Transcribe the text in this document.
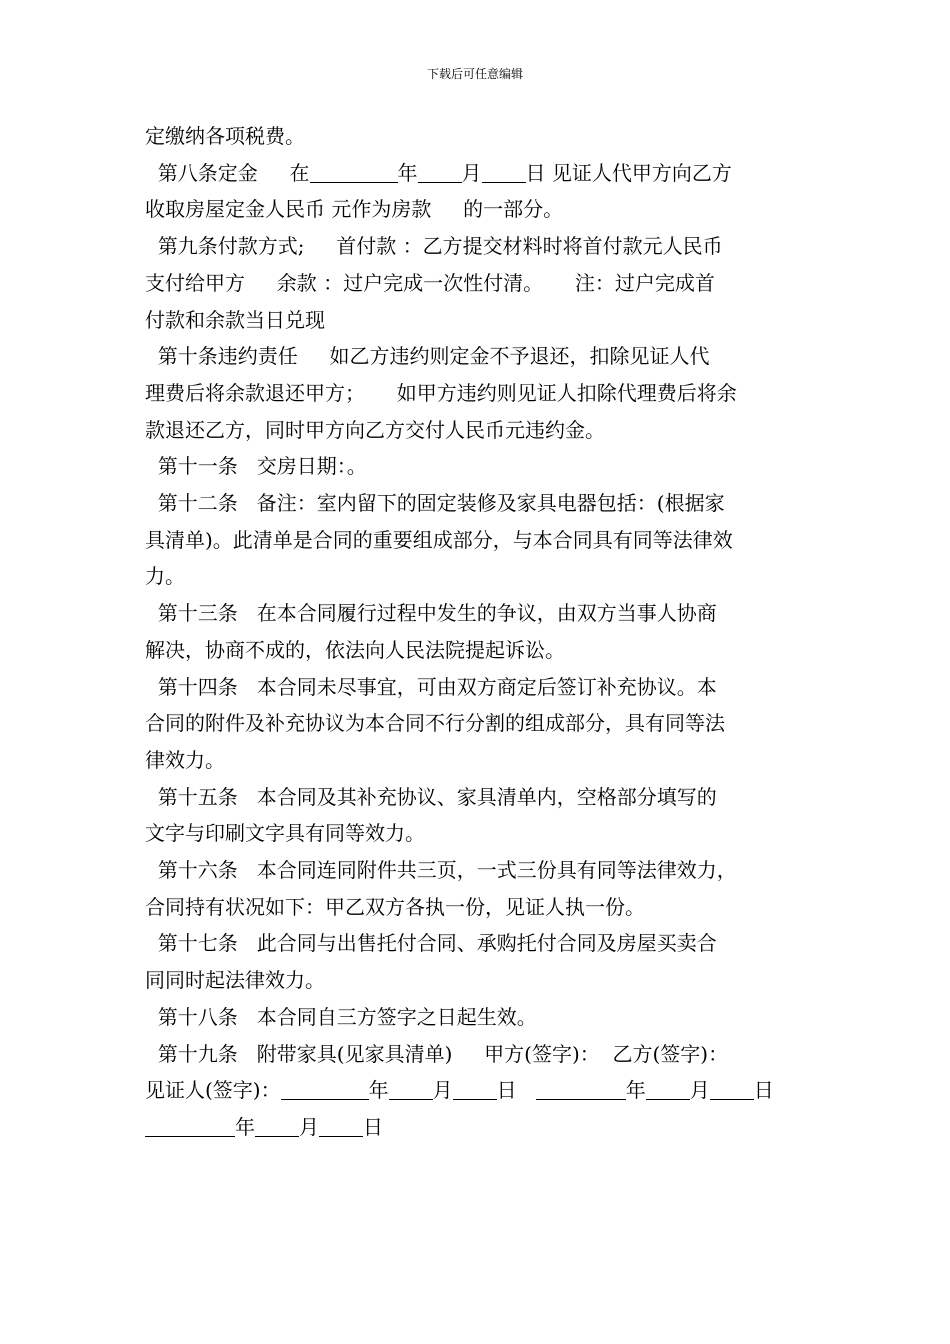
下载后可任意编辑
定缴纳各项税费。
第八条定金     在	年 月 日 见证人代甲方向乙方
收取房屋定金人民币 元作为房款     的一部分。
第九条付款方式;     首付款 ：乙方提交材料时将首付款元人民币
支付给甲方     余款 ：过户完成一次性付清。     注：过户完成首
付款和余款当日兑现
第十条违约责任     如乙方违约则定金不予退还，扣除见证人代
理费后将余款退还甲方；     如甲方违约则见证人扣除代理费后将余
款退还乙方，同时甲方向乙方交付人民币元违约金。
第十一条   交房日期：。
第十二条   备注：室内留下的固定装修及家具电器包括：(根据家
具清单)。此清单是合同的重要组成部分，与本合同具有同等法律效
力。
第十三条   在本合同履行过程中发生的争议，由双方当事人协商
解决，协商不成的，依法向人民法院提起诉讼。
第十四条   本合同未尽事宜，可由双方商定后签订补充协议。本
合同的附件及补充协议为本合同不行分割的组成部分，具有同等法
律效力。
第十五条   本合同及其补充协议、家具清单内，空格部分填写的
文字与印刷文字具有同等效力。
第十六条   本合同连同附件共三页，一式三份具有同等法律效力，
合同持有状况如下：甲乙双方各执一份，见证人执一份。
第十七条   此合同与出售托付合同、承购托付合同及房屋买卖合
同同时起法律效力。
第十八条   本合同自三方签字之日起生效。
第十九条   附带家具(见家具清单)     甲方(签字)：  乙方(签字)：
见证人(签字)：	年 月 日	年 月 日
年 月 日
